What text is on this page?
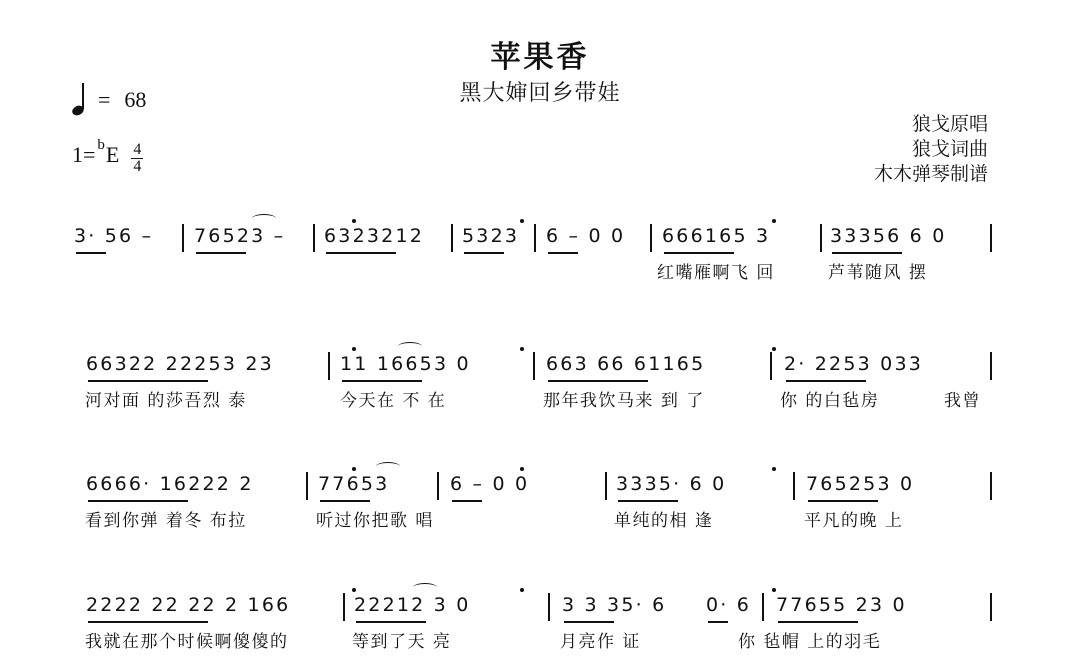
苹果香
黑大婶回乡带娃
= 68
1= b E 4
4
狼戈原唱
狼戈词曲
木木弹琴制谱
3· 56 – 76523 – 6323212 5323 6 – 0 0 666165 3	33356 6 0
红嘴雁啊飞 回	芦苇随风 摆
66322 22253 23	11 16653 0	663 66 61165	2· 2253 033
河对面 的莎吾烈 泰	今天在 不 在	那年我饮马来 到 了	你 的白毡房	我曾
6666· 16222 2	77653	6 – 0 0	3335· 6 0	765253 0
看到你弹 着冬 布拉	听过你把歌 唱	单纯的相 逢	平凡的晚 上
2222 22 22 2 166	22212 3 0	3 3 35· 6 0· 6 77655 23 0
我就在那个时候啊傻傻的	等到了天 亮	月亮作 证	你 毡帽 上的羽毛
